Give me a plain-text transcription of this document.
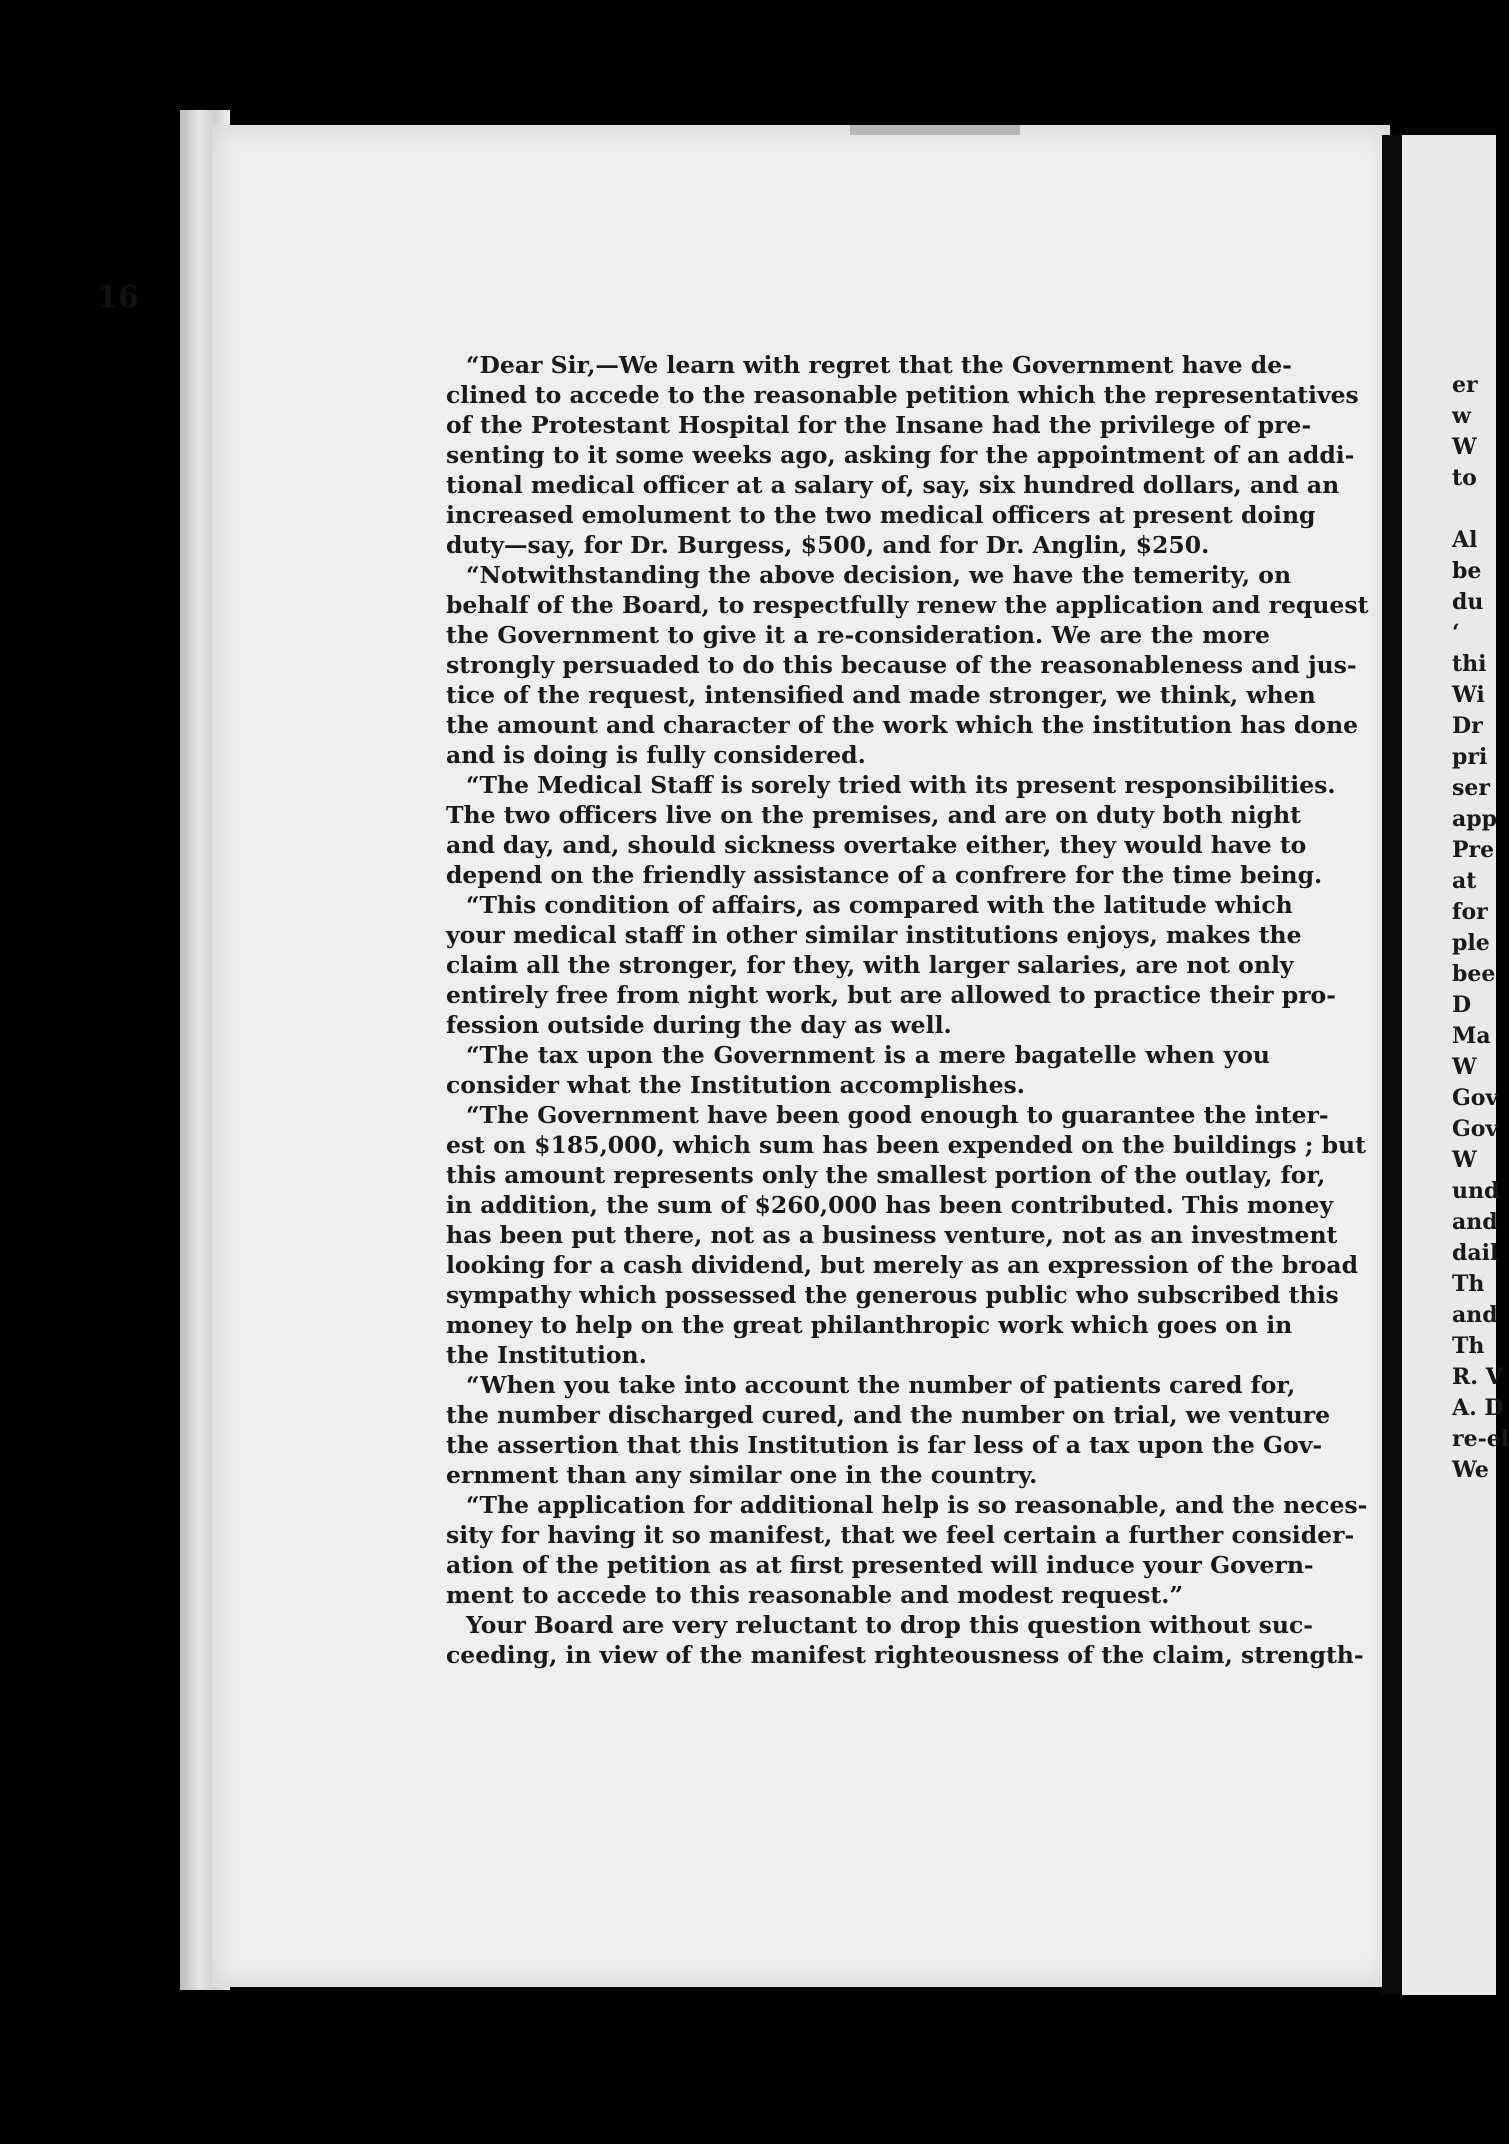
16
“Dear Sir,—We learn with regret that the Government have de-
clined to accede to the reasonable petition which the representatives
of the Protestant Hospital for the Insane had the privilege of pre-
senting to it some weeks ago, asking for the appointment of an addi-
tional medical officer at a salary of, say, six hundred dollars, and an
increased emolument to the two medical officers at present doing
duty—say, for Dr. Burgess, $500, and for Dr. Anglin, $250.
“Notwithstanding the above decision, we have the temerity, on
behalf of the Board, to respectfully renew the application and request
the Government to give it a re-consideration. We are the more
strongly persuaded to do this because of the reasonableness and jus-
tice of the request, intensified and made stronger, we think, when
the amount and character of the work which the institution has done
and is doing is fully considered.
“The Medical Staff is sorely tried with its present responsibilities.
The two officers live on the premises, and are on duty both night
and day, and, should sickness overtake either, they would have to
depend on the friendly assistance of a confrere for the time being.
“This condition of affairs, as compared with the latitude which
your medical staff in other similar institutions enjoys, makes the
claim all the stronger, for they, with larger salaries, are not only
entirely free from night work, but are allowed to practice their pro-
fession outside during the day as well.
“The tax upon the Government is a mere bagatelle when you
consider what the Institution accomplishes.
“The Government have been good enough to guarantee the inter-
est on $185,000, which sum has been expended on the buildings ; but
this amount represents only the smallest portion of the outlay, for,
in addition, the sum of $260,000 has been contributed. This money
has been put there, not as a business venture, not as an investment
looking for a cash dividend, but merely as an expression of the broad
sympathy which possessed the generous public who subscribed this
money to help on the great philanthropic work which goes on in
the Institution.
“When you take into account the number of patients cared for,
the number discharged cured, and the number on trial, we venture
the assertion that this Institution is far less of a tax upon the Gov-
ernment than any similar one in the country.
“The application for additional help is so reasonable, and the neces-
sity for having it so manifest, that we feel certain a further consider-
ation of the petition as at first presented will induce your Govern-
ment to accede to this reasonable and modest request.”
Your Board are very reluctant to drop this question without suc-
ceeding, in view of the manifest righteousness of the claim, strength-
er
w
W
to
Al
be
du
‘
thi
Wi
Dr
pri
ser
app
Pre
at
for
ple
bee
D
Ma
W
Gov
Gov
W
und
and
dail
Th
and
Th
R. V
A. D
re-el
We
